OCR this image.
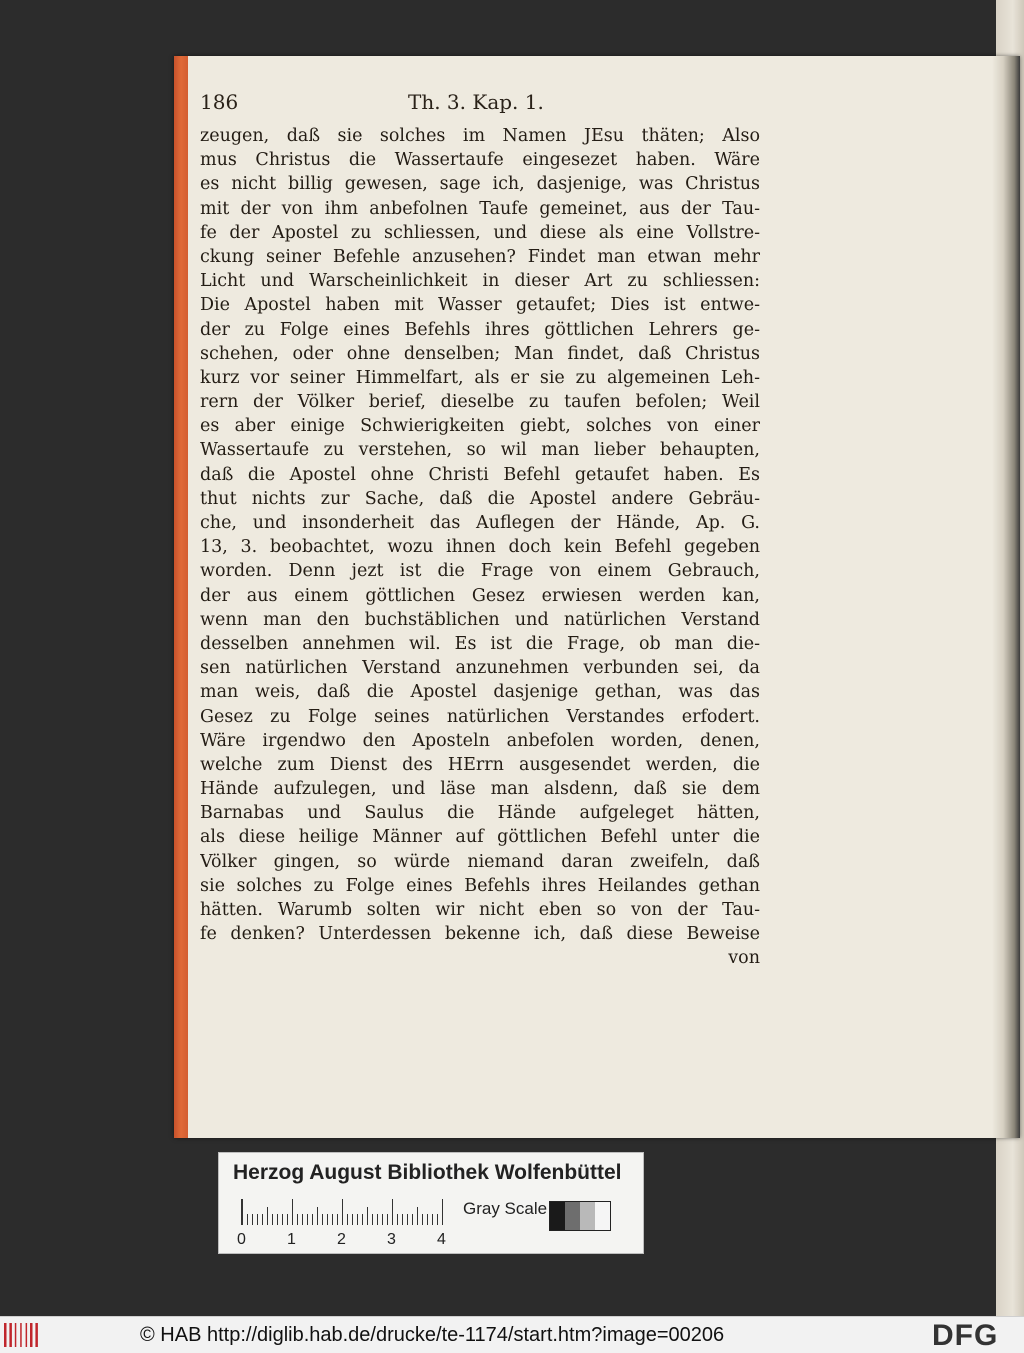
186	Th. 3. Kap. 1.
zeugen, daß sie solches im Namen JEsu thäten; Also
mus Christus die Wassertaufe eingesezet haben. Wäre
es nicht billig gewesen, sage ich, dasjenige, was Christus
mit der von ihm anbefolnen Taufe gemeinet, aus der Tau-
fe der Apostel zu schliessen, und diese als eine Vollstre-
ckung seiner Befehle anzusehen? Findet man etwan mehr
Licht und Warscheinlichkeit in dieser Art zu schliessen:
Die Apostel haben mit Wasser getaufet; Dies ist entwe-
der zu Folge eines Befehls ihres göttlichen Lehrers ge-
schehen, oder ohne denselben; Man findet, daß Christus
kurz vor seiner Himmelfart, als er sie zu algemeinen Leh-
rern der Völker berief, dieselbe zu taufen befolen; Weil
es aber einige Schwierigkeiten giebt, solches von einer
Wassertaufe zu verstehen, so wil man lieber behaupten,
daß die Apostel ohne Christi Befehl getaufet haben. Es
thut nichts zur Sache, daß die Apostel andere Gebräu-
che, und insonderheit das Auflegen der Hände, Ap. G.
13, 3. beobachtet, wozu ihnen doch kein Befehl gegeben
worden. Denn jezt ist die Frage von einem Gebrauch,
der aus einem göttlichen Gesez erwiesen werden kan,
wenn man den buchstäblichen und natürlichen Verstand
desselben annehmen wil. Es ist die Frage, ob man die-
sen natürlichen Verstand anzunehmen verbunden sei, da
man weis, daß die Apostel dasjenige gethan, was das
Gesez zu Folge seines natürlichen Verstandes erfodert.
Wäre irgendwo den Aposteln anbefolen worden, denen,
welche zum Dienst des HErrn ausgesendet werden, die
Hände aufzulegen, und läse man alsdenn, daß sie dem
Barnabas und Saulus die Hände aufgeleget hätten,
als diese heilige Männer auf göttlichen Befehl unter die
Völker gingen, so würde niemand daran zweifeln, daß
sie solches zu Folge eines Befehls ihres Heilandes gethan
hätten. Warumb solten wir nicht eben so von der Tau-
fe denken? Unterdessen bekenne ich, daß diese Beweise
von
Herzog August Bibliothek Wolfenbüttel
0	1	2	3	4
Gray Scale
© HAB http://diglib.hab.de/drucke/te-1174/start.htm?image=00206	DFG
